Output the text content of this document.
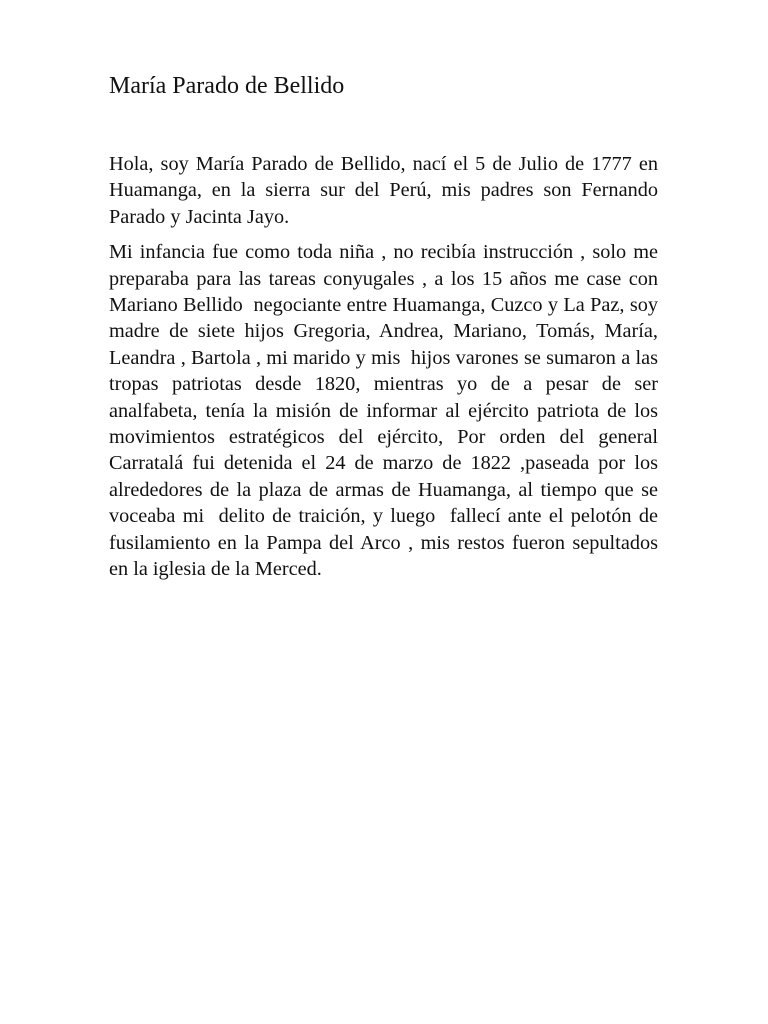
María Parado de Bellido

Hola, soy María Parado de Bellido, nací el 5 de Julio de 1777 en Huamanga, en la sierra sur del Perú, mis padres son Fernando Parado y Jacinta Jayo.

Mi infancia fue como toda niña , no recibía instrucción , solo me preparaba para las tareas conyugales , a los 15 años me case con Mariano Bellido  negociante entre Huamanga, Cuzco y La Paz, soy madre de siete hijos Gregoria, Andrea, Mariano, Tomás, María, Leandra , Bartola , mi marido y mis  hijos varones se sumaron a las tropas patriotas desde 1820, mientras yo de a pesar de ser analfabeta, tenía la misión de informar al ejército patriota de los movimientos estratégicos del ejército, Por orden del general Carratalá fui detenida el 24 de marzo de 1822 ,paseada por los alrededores de la plaza de armas de Huamanga, al tiempo que se voceaba mi  delito de traición, y luego  fallecí ante el pelotón de fusilamiento en la Pampa del Arco , mis restos fueron sepultados en la iglesia de la Merced.
